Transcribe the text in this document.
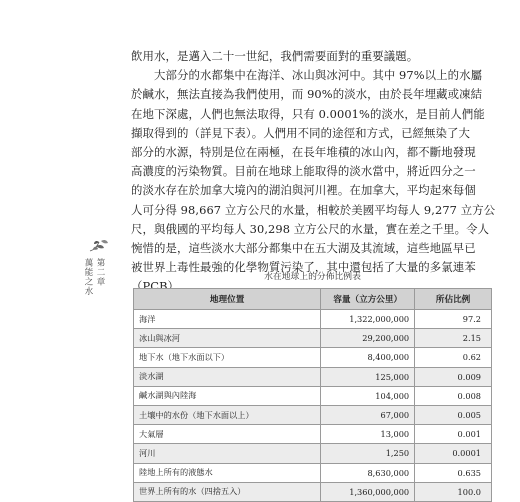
飲用水，是邁入二十一世紀，我們需要面對的重要議題。
大部分的水都集中在海洋、冰山與冰河中。其中 97%以上的水屬
於鹹水，無法直接為我們使用，而 90%的淡水，由於長年埋藏或凍結
在地下深處，人們也無法取得，只有 0.0001%的淡水，是目前人們能
擷取得到的（詳見下表）。人們用不同的途徑和方式，已經無染了大
部分的水源，特別是位在兩極，在長年堆積的冰山內，都不斷地發現
高濃度的污染物質。目前在地球上能取得的淡水當中，將近四分之一
的淡水存在於加拿大境內的湖泊與河川裡。在加拿大，平均起來每個
人可分得 98,667 立方公尺的水量，相較於美國平均每人 9,277 立方公
尺，與俄國的平均每人 30,298 立方公尺的水量，實在差之千里。令人
惋惜的是，這些淡水大部分都集中在五大湖及其流域，這些地區早已
被世界上毒性最強的化學物質污染了，其中還包括了大量的多氯連苯
（PCB）。
第二章
萬能之水	水在地球上的分佈比例表
地理位置	容量（立方公里）	所佔比例
海洋	1,322,000,000	97.2
冰山與冰河	29,200,000	2.15
地下水（地下水面以下）	8,400,000	0.62
淡水湖	125,000	0.009
鹹水湖與內陸海	104,000	0.008
土壤中的水份（地下水面以上）	67,000	0.005
大氣層	13,000	0.001
河川	1,250	0.0001
陸地上所有的液態水	8,630,000	0.635
世界上所有的水（四捨五入）	1,360,000,000	100.0
